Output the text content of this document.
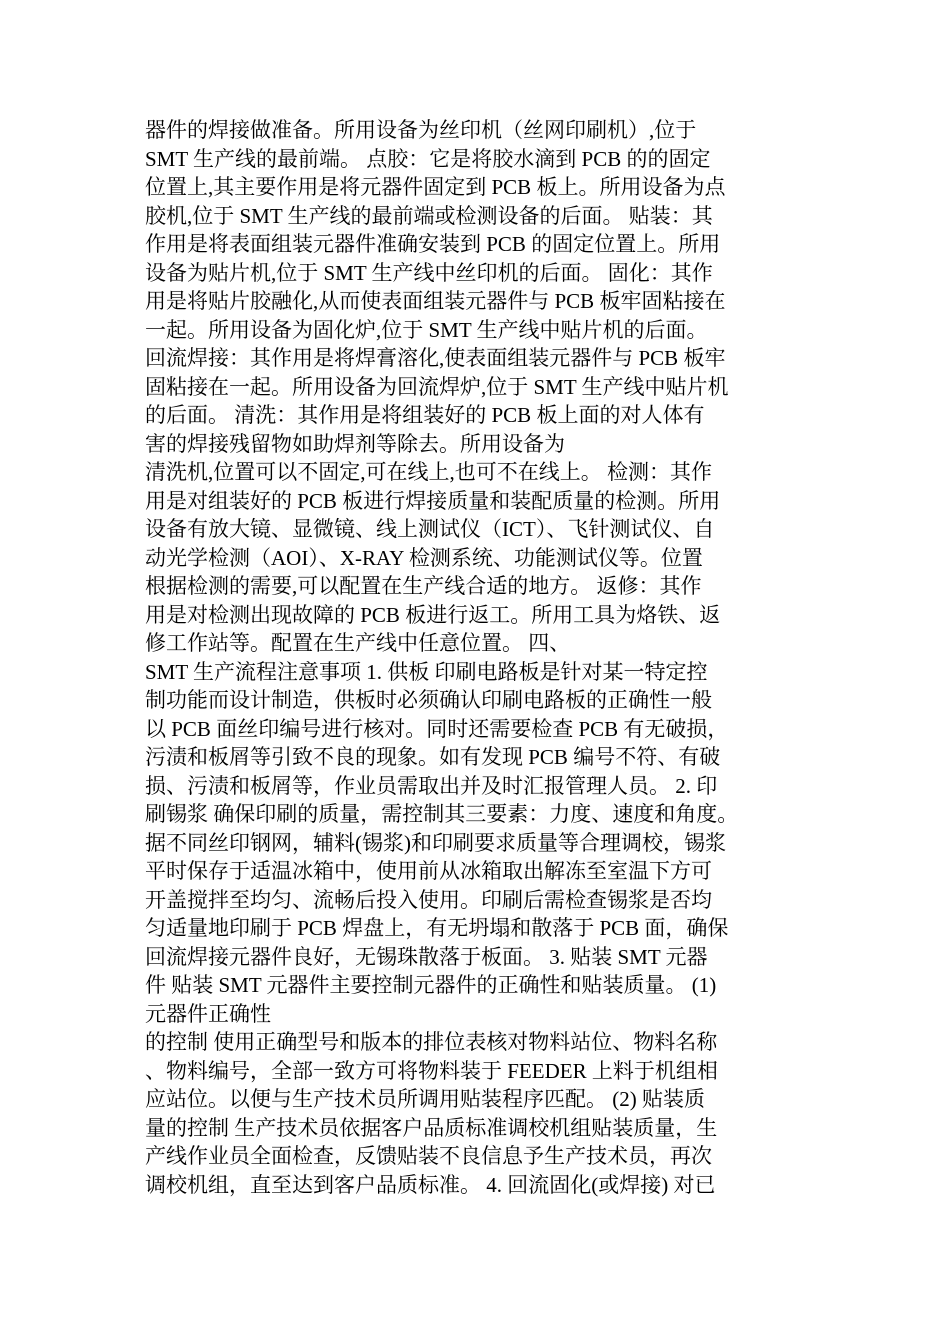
器件的焊接做准备。所用设备为丝印机（丝网印刷机）,位于
SMT 生产线的最前端。 点胶：它是将胶水滴到 PCB 的的固定
位置上,其主要作用是将元器件固定到 PCB 板上。所用设备为点
胶机,位于 SMT 生产线的最前端或检测设备的后面。 贴装：其
作用是将表面组装元器件准确安装到 PCB 的固定位置上。所用
设备为贴片机,位于 SMT 生产线中丝印机的后面。 固化：其作
用是将贴片胶融化,从而使表面组装元器件与 PCB 板牢固粘接在
一起。所用设备为固化炉,位于 SMT 生产线中贴片机的后面。
回流焊接：其作用是将焊膏溶化,使表面组装元器件与 PCB 板牢
固粘接在一起。所用设备为回流焊炉,位于 SMT 生产线中贴片机
的后面。 清洗：其作用是将组装好的 PCB 板上面的对人体有
害的焊接残留物如助焊剂等除去。所用设备为
清洗机,位置可以不固定,可在线上,也可不在线上。 检测：其作
用是对组装好的 PCB 板进行焊接质量和装配质量的检测。所用
设备有放大镜、显微镜、线上测试仪（ICT）、飞针测试仪、自
动光学检测（AOI）、X-RAY 检测系统、功能测试仪等。位置
根据检测的需要,可以配置在生产线合适的地方。 返修：其作
用是对检测出现故障的 PCB 板进行返工。所用工具为烙铁、返
修工作站等。配置在生产线中任意位置。 四、
SMT 生产流程注意事项 1. 供板 印刷电路板是针对某一特定控
制功能而设计制造，供板时必须确认印刷电路板的正确性一般
以 PCB 面丝印编号进行核对。同时还需要检查 PCB 有无破损，
污渍和板屑等引致不良的现象。如有发现 PCB 编号不符、有破
损、污渍和板屑等，作业员需取出并及时汇报管理人员。 2. 印
刷锡浆 确保印刷的质量，需控制其三要素：力度、速度和角度。
据不同丝印钢网，辅料(锡浆)和印刷要求质量等合理调校，锡浆
平时保存于适温冰箱中，使用前从冰箱取出解冻至室温下方可
开盖搅拌至均匀、流畅后投入使用。印刷后需检查锡浆是否均
匀适量地印刷于 PCB 焊盘上，有无坍塌和散落于 PCB 面，确保
回流焊接元器件良好，无锡珠散落于板面。 3. 贴装 SMT 元器
件 贴装 SMT 元器件主要控制元器件的正确性和贴装质量。 (1)
元器件正确性
的控制 使用正确型号和版本的排位表核对物料站位、物料名称
、物料编号，全部一致方可将物料装于 FEEDER 上料于机组相
应站位。以便与生产技术员所调用贴装程序匹配。 (2) 贴装质
量的控制 生产技术员依据客户品质标准调校机组贴装质量，生
产线作业员全面检查，反馈贴装不良信息予生产技术员，再次
调校机组，直至达到客户品质标准。 4. 回流固化(或焊接) 对已
